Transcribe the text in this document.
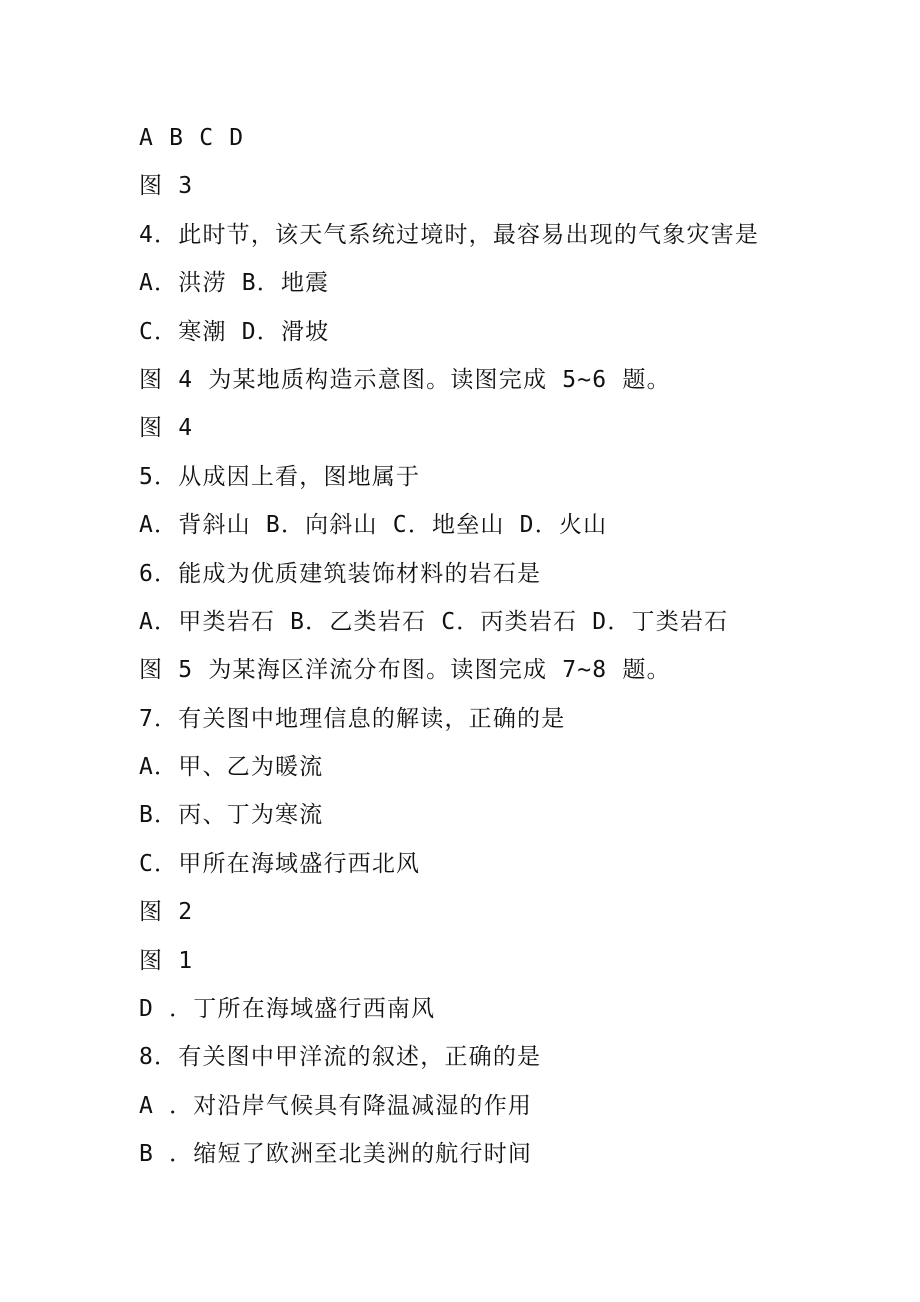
A B C D
图 3
4．此时节，该天气系统过境时，最容易出现的气象灾害是
A．洪涝 B．地震
C．寒潮 D．滑坡
图 4 为某地质构造示意图。读图完成 5~6 题。
图 4
5．从成因上看，图地属于
A．背斜山 B．向斜山 C．地垒山 D．火山
6．能成为优质建筑装饰材料的岩石是
A．甲类岩石 B．乙类岩石 C．丙类岩石 D．丁类岩石
图 5 为某海区洋流分布图。读图完成 7~8 题。
7．有关图中地理信息的解读，正确的是
A．甲、乙为暖流
B．丙、丁为寒流
C．甲所在海域盛行西北风
图 2
图 1
D ．丁所在海域盛行西南风
8．有关图中甲洋流的叙述，正确的是
A ．对沿岸气候具有降温减湿的作用
B ．缩短了欧洲至北美洲的航行时间
